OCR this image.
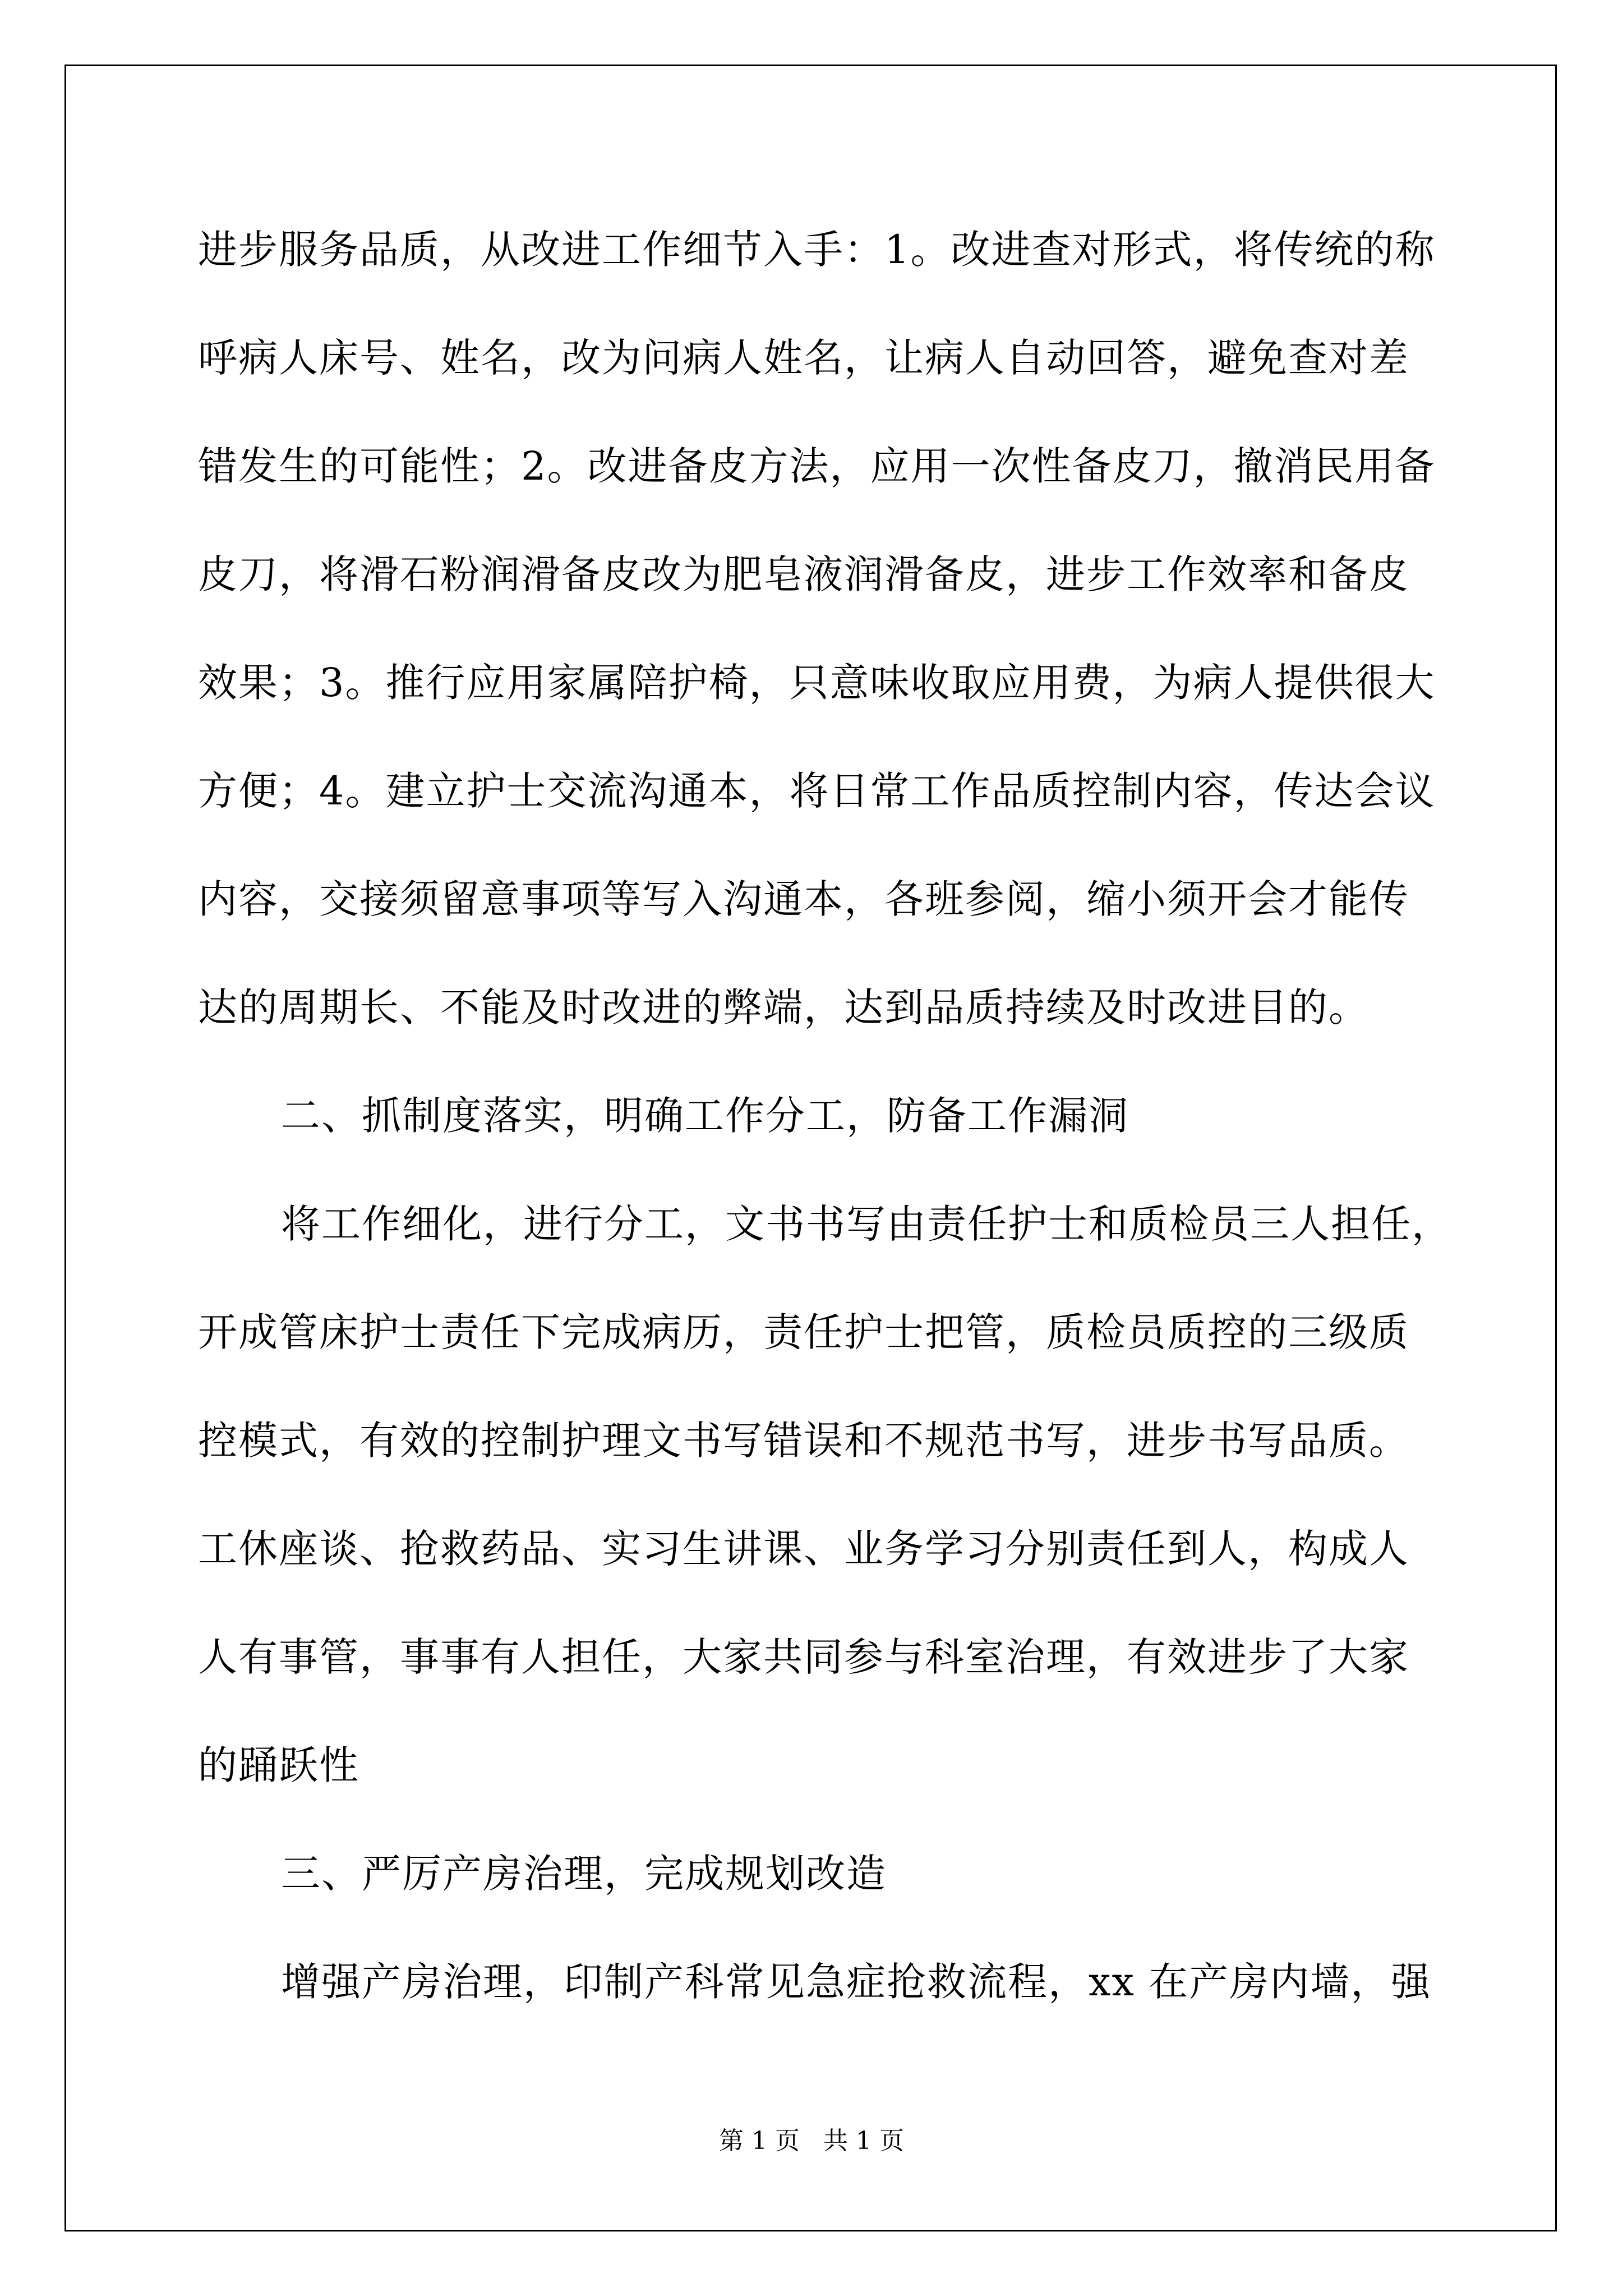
进步服务品质，从改进工作细节入手：1。改进查对形式，将传统的称
呼病人床号、姓名，改为问病人姓名，让病人自动回答，避免查对差
错发生的可能性；2。改进备皮方法，应用一次性备皮刀，撤消民用备
皮刀，将滑石粉润滑备皮改为肥皂液润滑备皮，进步工作效率和备皮
效果；3。推行应用家属陪护椅，只意味收取应用费，为病人提供很大
方便；4。建立护士交流沟通本，将日常工作品质控制内容，传达会议
内容，交接须留意事项等写入沟通本，各班参阅，缩小须开会才能传
达的周期长、不能及时改进的弊端，达到品质持续及时改进目的。
二、抓制度落实，明确工作分工，防备工作漏洞
将工作细化，进行分工，文书书写由责任护士和质检员三人担任，
开成管床护士责任下完成病历，责任护士把管，质检员质控的三级质
控模式，有效的控制护理文书写错误和不规范书写，进步书写品质。
工休座谈、抢救药品、实习生讲课、业务学习分别责任到人，构成人
人有事管，事事有人担任，大家共同参与科室治理，有效进步了大家
的踊跃性
三、严厉产房治理，完成规划改造
增强产房治理，印制产科常见急症抢救流程，xx 在产房内墙，强
第 1 页   共 1 页
